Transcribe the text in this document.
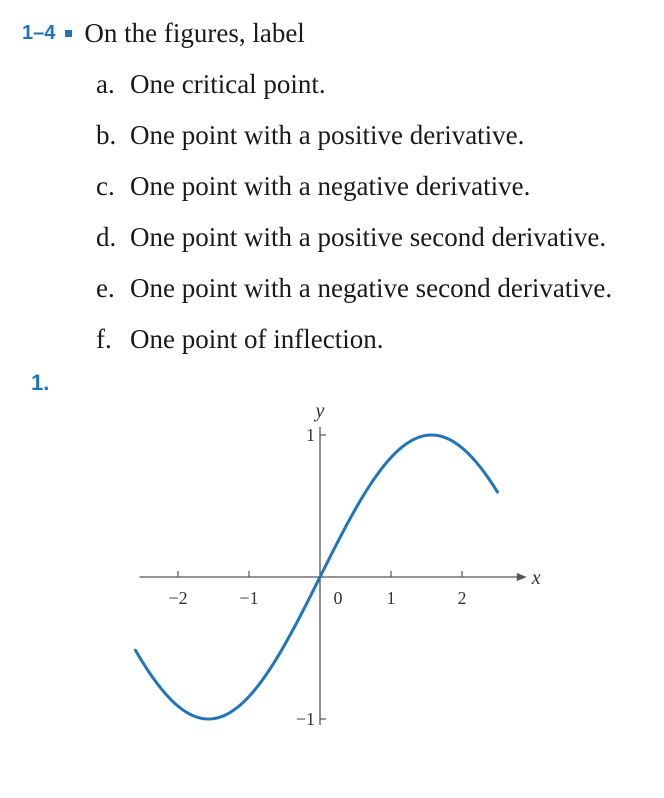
1–4 On the figures, label
a. One critical point.
b. One point with a positive derivative.
c. One point with a negative derivative.
d. One point with a positive second derivative.
e. One point with a negative second derivative.
f. One point of inflection.
1.
−2	−1	1	2
1
−1
x
y
0
